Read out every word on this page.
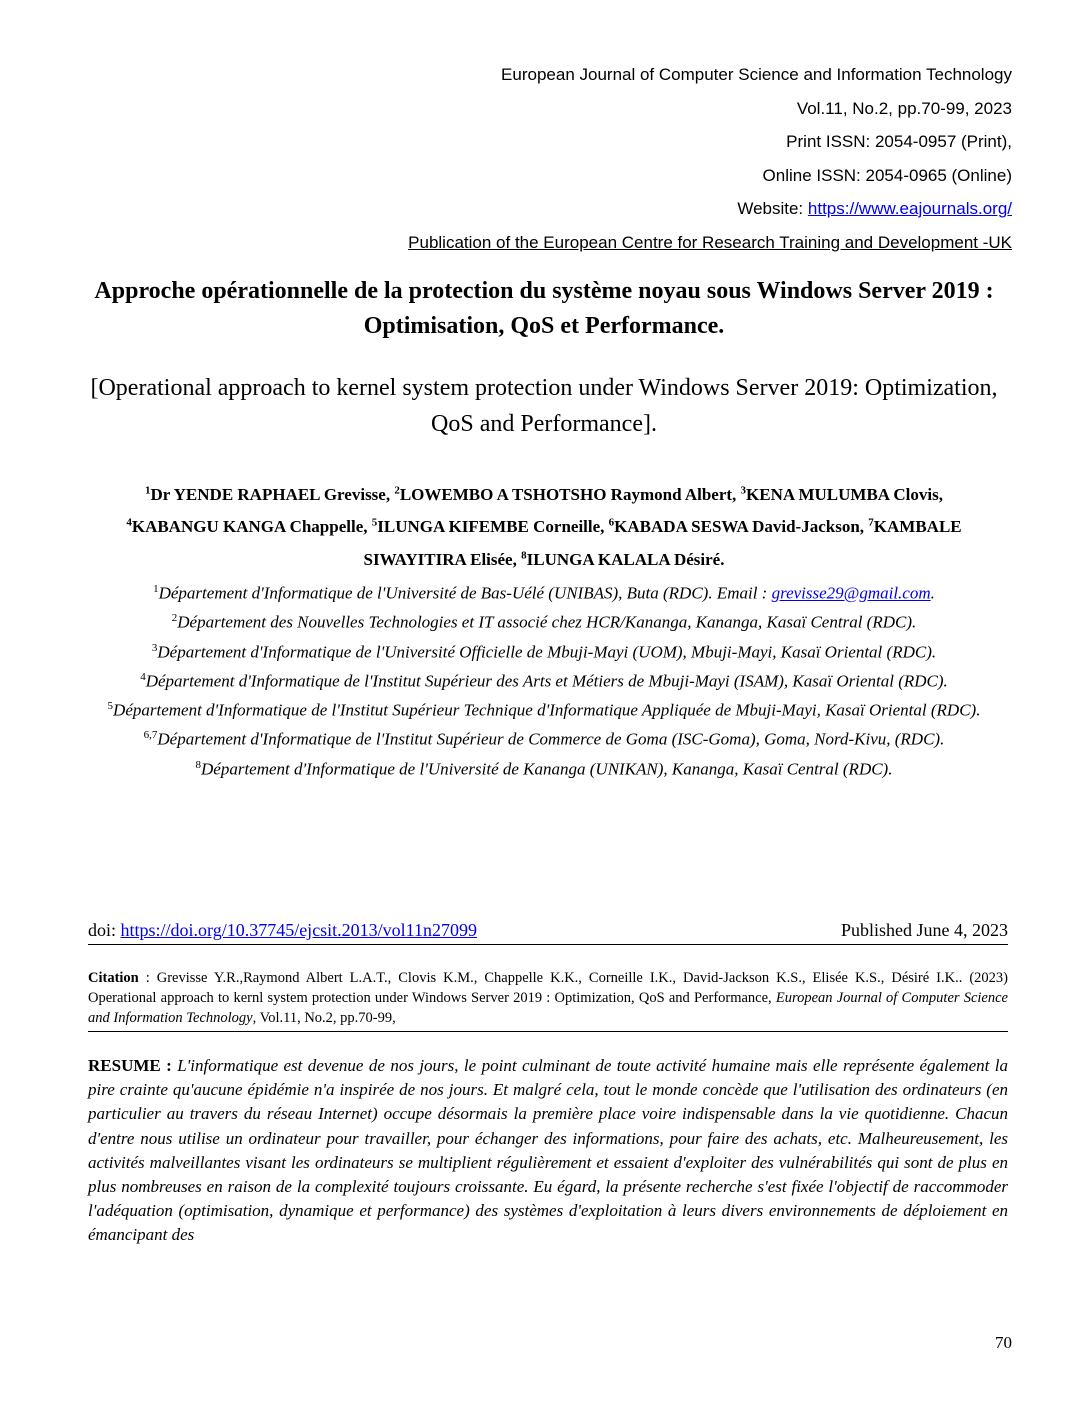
European Journal of Computer Science and Information Technology
Vol.11, No.2, pp.70-99, 2023
Print ISSN: 2054-0957 (Print),
Online ISSN: 2054-0965 (Online)
Website: https://www.eajournals.org/
Publication of the European Centre for Research Training and Development -UK
Approche opérationnelle de la protection du système noyau sous Windows Server 2019 : Optimisation, QoS et Performance.
[Operational approach to kernel system protection under Windows Server 2019: Optimization, QoS and Performance].
$^1$Dr YENDE RAPHAEL Grevisse, $^2$LOWEMBO A TSHOTSHO Raymond Albert, $^3$KENA MULUMBA Clovis, $^4$KABANGU KANGA Chappelle, $^5$ILUNGA KIFEMBE Corneille, $^6$KABADA SESWA David-Jackson, $^7$KAMBALE SIWAYITIRA Elisée, $^8$ILUNGA KALALA Désiré.
$^1$Département d'Informatique de l'Université de Bas-Uélé (UNIBAS), Buta (RDC). Email : grevisse29@gmail.com.
$^2$Département des Nouvelles Technologies et IT associé chez HCR/Kananga, Kananga, Kasaï Central (RDC).
$^3$Département d'Informatique de l'Université Officielle de Mbuji-Mayi (UOM), Mbuji-Mayi, Kasaï Oriental (RDC).
$^4$Département d'Informatique de l'Institut Supérieur des Arts et Métiers de Mbuji-Mayi (ISAM), Kasaï Oriental (RDC).
$^5$Département d'Informatique de l'Institut Supérieur Technique d'Informatique Appliquée de Mbuji-Mayi, Kasaï Oriental (RDC).
$^{6,7}$Département d'Informatique de l'Institut Supérieur de Commerce de Goma (ISC-Goma), Goma, Nord-Kivu, (RDC).
$^8$Département d'Informatique de l'Université de Kananga (UNIKAN), Kananga, Kasaï Central (RDC).
doi: https://doi.org/10.37745/ejcsit.2013/vol11n27099	Published June 4, 2023
Citation : Grevisse Y.R.,Raymond Albert L.A.T., Clovis K.M., Chappelle K.K., Corneille I.K., David-Jackson K.S., Elisée K.S., Désiré I.K.. (2023) Operational approach to kernl system protection under Windows Server 2019 : Optimization, QoS and Performance, European Journal of Computer Science and Information Technology, Vol.11, No.2, pp.70-99,
RESUME : L'informatique est devenue de nos jours, le point culminant de toute activité humaine mais elle représente également la pire crainte qu'aucune épidémie n'a inspirée de nos jours. Et malgré cela, tout le monde concède que l'utilisation des ordinateurs (en particulier au travers du réseau Internet) occupe désormais la première place voire indispensable dans la vie quotidienne. Chacun d'entre nous utilise un ordinateur pour travailler, pour échanger des informations, pour faire des achats, etc. Malheureusement, les activités malveillantes visant les ordinateurs se multiplient régulièrement et essaient d'exploiter des vulnérabilités qui sont de plus en plus nombreuses en raison de la complexité toujours croissante. Eu égard, la présente recherche s'est fixée l'objectif de raccommoder l'adéquation (optimisation, dynamique et performance) des systèmes d'exploitation à leurs divers environnements de déploiement en émancipant des
70
